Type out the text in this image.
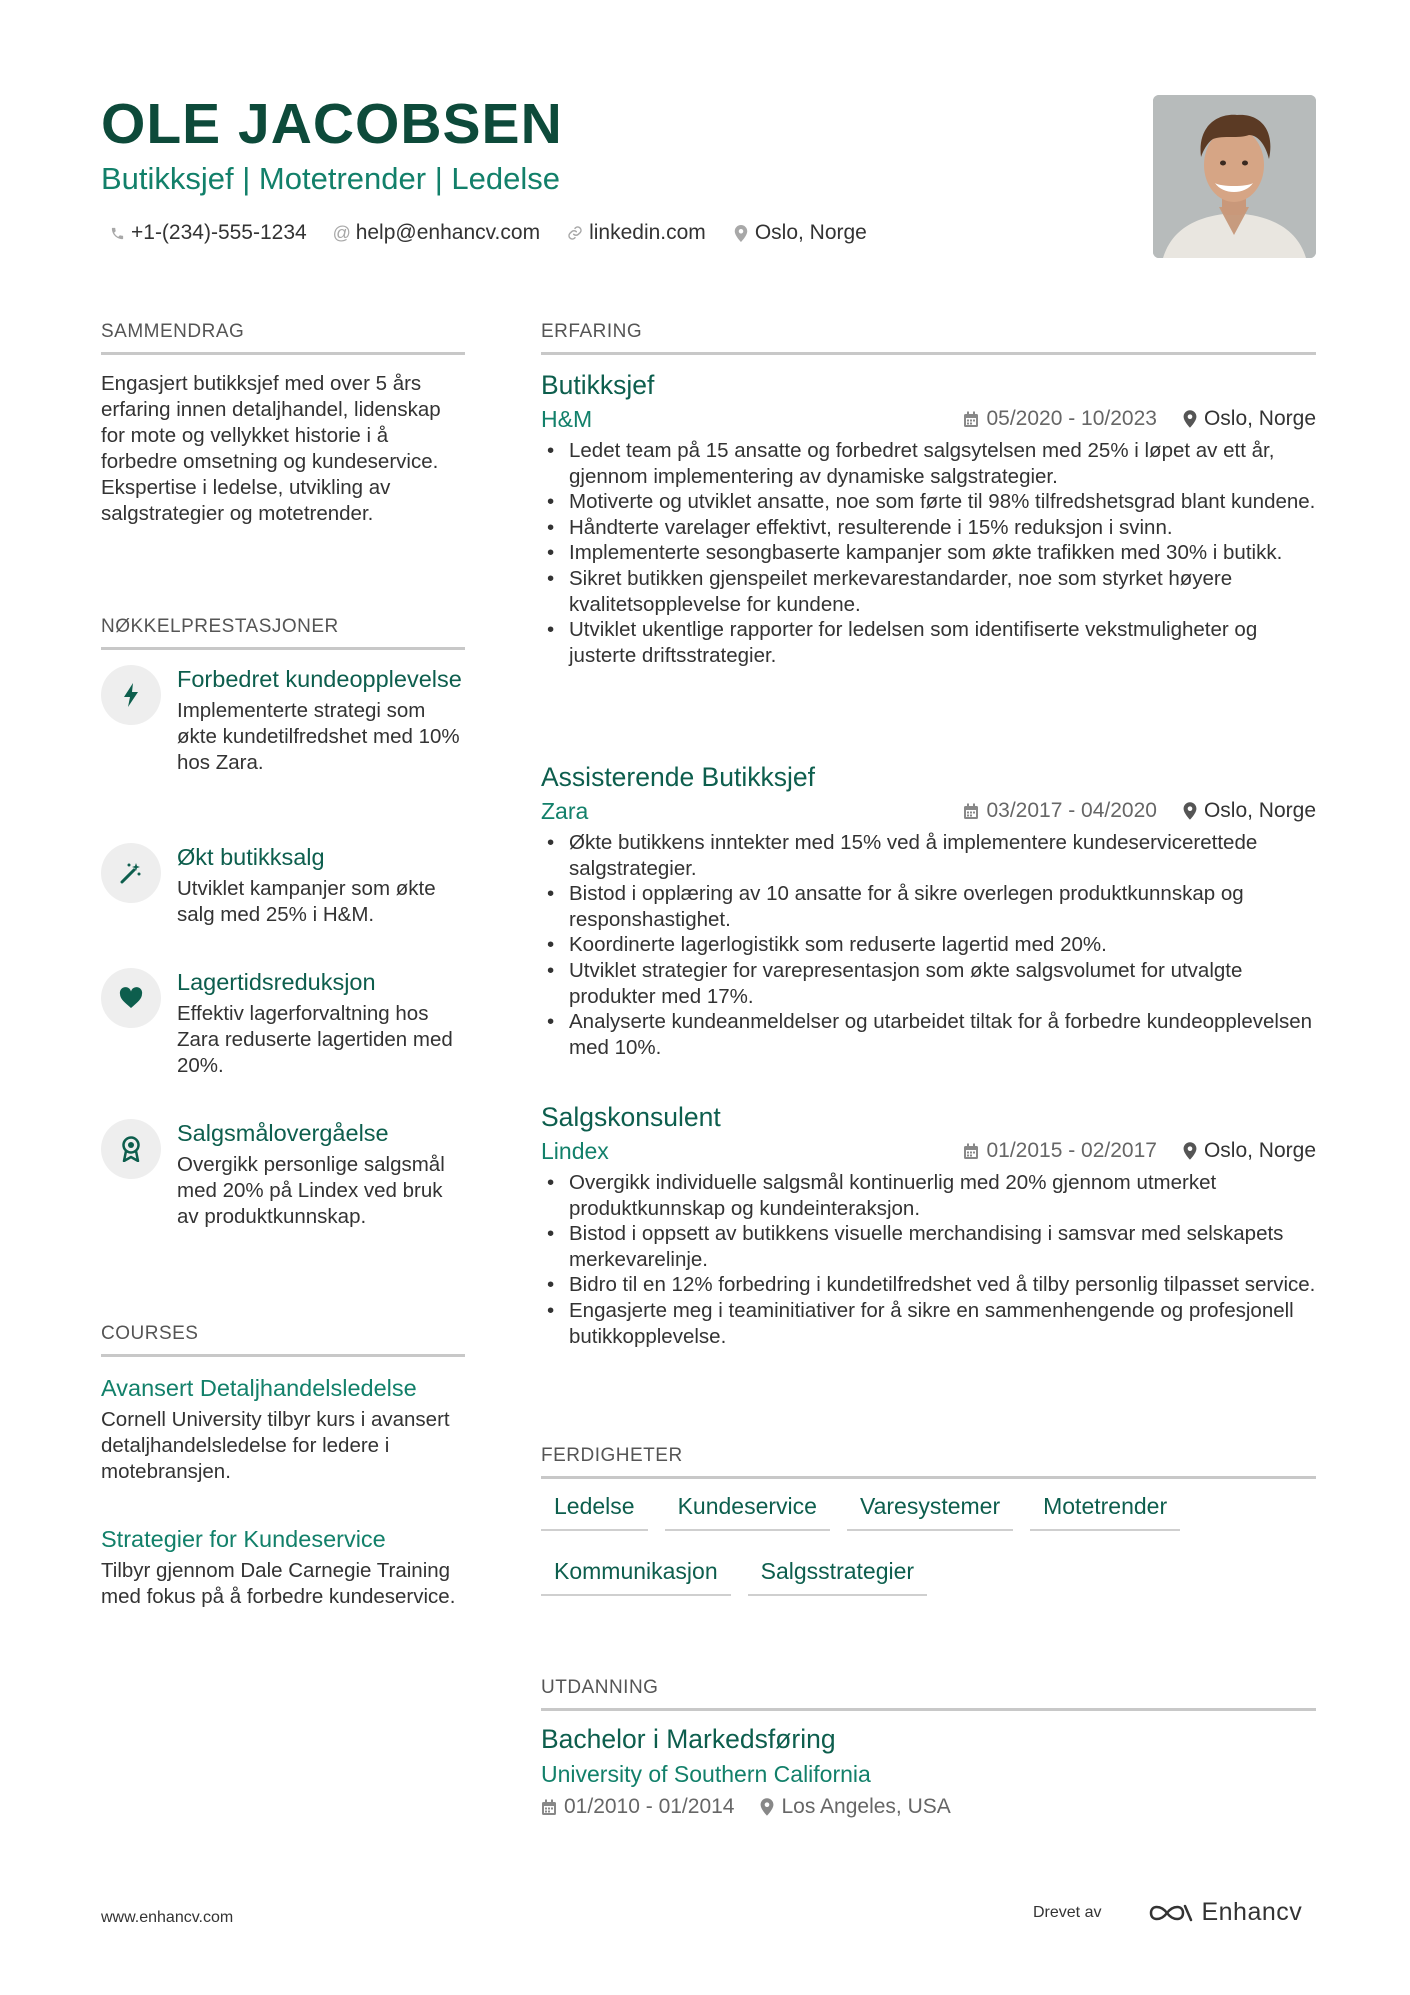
OLE JACOBSEN
Butikksjef | Motetrender | Ledelse
+1-(234)-555-1234 @ help@enhancv.com linkedin.com Oslo, Norge
SAMMENDRAG
Engasjert butikksjef med over 5 års erfaring innen detaljhandel, lidenskap for mote og vellykket historie i å forbedre omsetning og kundeservice. Ekspertise i ledelse, utvikling av salgstrategier og motetrender.
NØKKELPRESTASJONER
Forbedret kundeopplevelse
Implementerte strategi som økte kundetilfredshet med 10% hos Zara.
Økt butikksalg
Utviklet kampanjer som økte salg med 25% i H&M.
Lagertidsreduksjon
Effektiv lagerforvaltning hos Zara reduserte lagertiden med 20%.
Salgsmålovergåelse
Overgikk personlige salgsmål med 20% på Lindex ved bruk av produktkunnskap.
COURSES
Avansert Detaljhandelsledelse
Cornell University tilbyr kurs i avansert detaljhandelsledelse for ledere i motebransjen.
Strategier for Kundeservice
Tilbyr gjennom Dale Carnegie Training med fokus på å forbedre kundeservice.
ERFARING
Butikksjef
H&M	05/2020 - 10/2023 Oslo, Norge
• Ledet team på 15 ansatte og forbedret salgsytelsen med 25% i løpet av ett år, gjennom implementering av dynamiske salgstrategier.
• Motiverte og utviklet ansatte, noe som førte til 98% tilfredshetsgrad blant kundene.
• Håndterte varelager effektivt, resulterende i 15% reduksjon i svinn.
• Implementerte sesongbaserte kampanjer som økte trafikken med 30% i butikk.
• Sikret butikken gjenspeilet merkevarestandarder, noe som styrket høyere kvalitetsopplevelse for kundene.
• Utviklet ukentlige rapporter for ledelsen som identifiserte vekstmuligheter og justerte driftsstrategier.
Assisterende Butikksjef
Zara	03/2017 - 04/2020 Oslo, Norge
• Økte butikkens inntekter med 15% ved å implementere kundeservicerettede salgstrategier.
• Bistod i opplæring av 10 ansatte for å sikre overlegen produktkunnskap og responshastighet.
• Koordinerte lagerlogistikk som reduserte lagertid med 20%.
• Utviklet strategier for varepresentasjon som økte salgsvolumet for utvalgte produkter med 17%.
• Analyserte kundeanmeldelser og utarbeidet tiltak for å forbedre kundeopplevelsen med 10%.
Salgskonsulent
Lindex	01/2015 - 02/2017 Oslo, Norge
• Overgikk individuelle salgsmål kontinuerlig med 20% gjennom utmerket produktkunnskap og kundeinteraksjon.
• Bistod i oppsett av butikkens visuelle merchandising i samsvar med selskapets merkevarelinje.
• Bidro til en 12% forbedring i kundetilfredshet ved å tilby personlig tilpasset service.
• Engasjerte meg i teaminitiativer for å sikre en sammenhengende og profesjonell butikkopplevelse.
FERDIGHETER
Ledelse	Kundeservice	Varesystemer	Motetrender
Kommunikasjon	Salgsstrategier
UTDANNING
Bachelor i Markedsføring
University of Southern California
01/2010 - 01/2014 Los Angeles, USA
www.enhancv.com	Drevet av	Enhancv
